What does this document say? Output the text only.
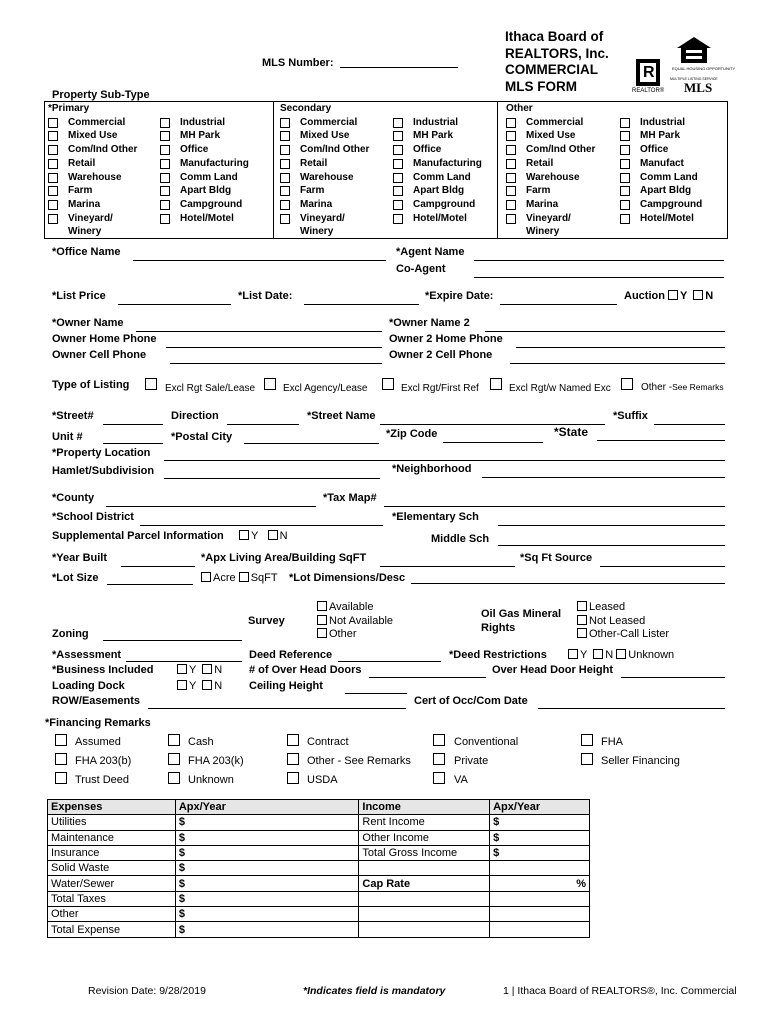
Ithaca Board of
REALTORS, Inc.
COMMERCIAL
MLS FORM
EQUAL HOUSING OPPORTUNITY
R
REALTOR®
MULTIPLE LISTING SERVICE
MLS
MLS Number:
Property Sub-Type
*Primary
Commercial
Mixed Use
Com/Ind Other
Retail
Warehouse
Farm
Marina
Vineyard/ Winery
Industrial
MH Park
Office
Manufacturing
Comm Land
Apart Bldg
Campground
Hotel/Motel
Secondary
Commercial
Mixed Use
Com/Ind Other
Retail
Warehouse
Farm
Marina
Vineyard/ Winery
Industrial
MH Park
Office
Manufacturing
Comm Land
Apart Bldg
Campground
Hotel/Motel
Other
Commercial
Mixed Use
Com/Ind Other
Retail
Warehouse
Farm
Marina
Vineyard/ Winery
Industrial
MH Park
Office
Manufact
Comm Land
Apart Bldg
Campground
Hotel/Motel
*Office Name	*Agent Name
Co-Agent
*List Price	*List Date:	*Expire Date:	Auction Y N
*Owner Name	*Owner Name 2
Owner Home Phone	Owner 2 Home Phone
Owner Cell Phone	Owner 2 Cell Phone
Type of Listing	Excl Rgt Sale/Lease	Excl Agency/Lease	Excl Rgt/First Ref	Excl Rgt/w Named Exc	Other -See Remarks
*Street#	Direction	*Street Name	*Suffix
Unit #	*Postal City	*Zip Code	*State
*Property Location
Hamlet/Subdivision	*Neighborhood
*County	*Tax Map#
*School District	*Elementary Sch
Supplemental Parcel Information Y N	Middle Sch
*Year Built	*Apx Living Area/Building SqFT	*Sq Ft Source
*Lot Size	Acre SqFT *Lot Dimensions/Desc
Available
Not Available
Other
Survey
Oil Gas Mineral
Rights
Leased
Not Leased
Other-Call Lister
Zoning
*Assessment	Deed Reference	*Deed Restrictions	Y N Unknown
*Business Included	Y N # of Over Head Doors	Over Head Door Height
Loading Dock	Y N Ceiling Height
ROW/Easements	Cert of Occ/Com Date
*Financing Remarks
Assumed	Cash	Contract	Conventional	FHA
FHA 203(b)	FHA 203(k)	Other - See Remarks	Private	Seller Financing
Trust Deed	Unknown	USDA	VA
Expenses	Apx/Year	Income	Apx/Year
Utilities	$	Rent Income	$
Maintenance	$	Other Income	$
Insurance	$	Total Gross Income	$
Solid Waste	$		
Water/Sewer	$	Cap Rate	%
Total Taxes	$		
Other	$		
Total Expense	$		
Revision Date: 9/28/2019	*Indicates field is mandatory	1 | Ithaca Board of REALTORS®, Inc. Commercial
